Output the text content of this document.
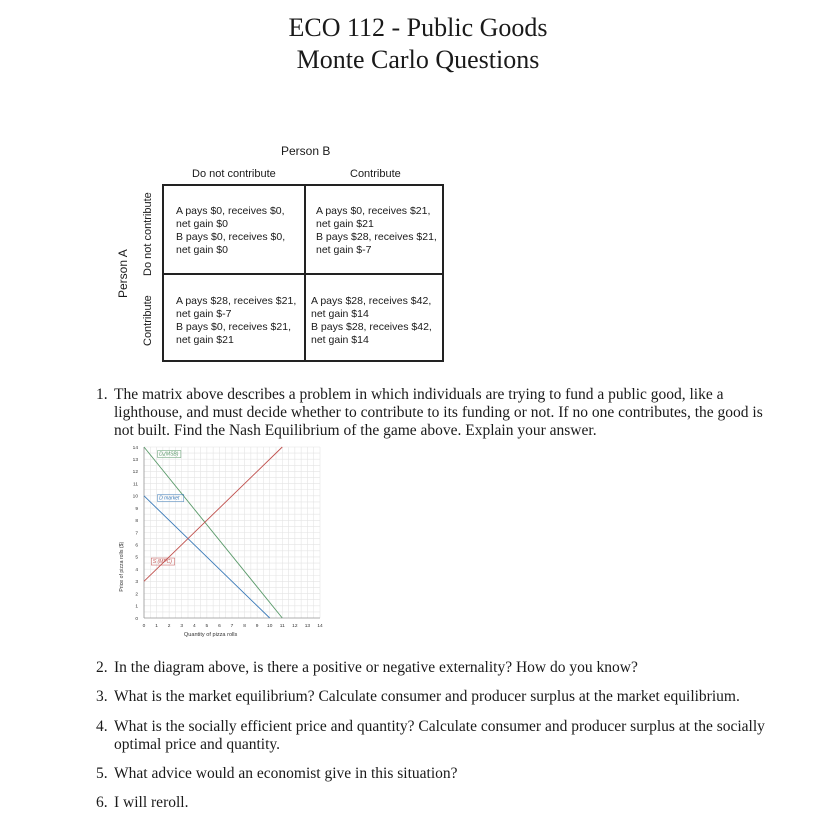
ECO 112 - Public Goods
Monte Carlo Questions
Person B
Do not contribute	Contribute
Person A Do not contribute
Contribute
A pays $0, receives $0,
net gain $0
B pays $0, receives $0,
net gain $0
A pays $0, receives $21,
net gain $21
B pays $28, receives $21,
net gain $-7
A pays $28, receives $21,
net gain $-7
B pays $0, receives $21,
net gain $21
A pays $28, receives $42,
net gain $14
B pays $28, receives $42,
net gain $14
1. The matrix above describes a problem in which individuals are trying to fund a public good, like a lighthouse, and must decide whether to contribute to its funding or not. If no one contributes, the good is not built. Find the Nash Equilibrium of the game above. Explain your answer.
0 1 2 3 4 5 6 7 8 9 10 11 12 13 14
0
1
2
3
4
5
6
7
8
9
10
11
12
13
14
Quantity of pizza rolls
Price of pizza rolls ($)
D₁(MSB)
D market
S (MPC)
2. In the diagram above, is there a positive or negative externality? How do you know?
3. What is the market equilibrium? Calculate consumer and producer surplus at the market equilibrium.
4. What is the socially efficient price and quantity? Calculate consumer and producer surplus at the socially optimal price and quantity.
5. What advice would an economist give in this situation?
6. I will reroll.
